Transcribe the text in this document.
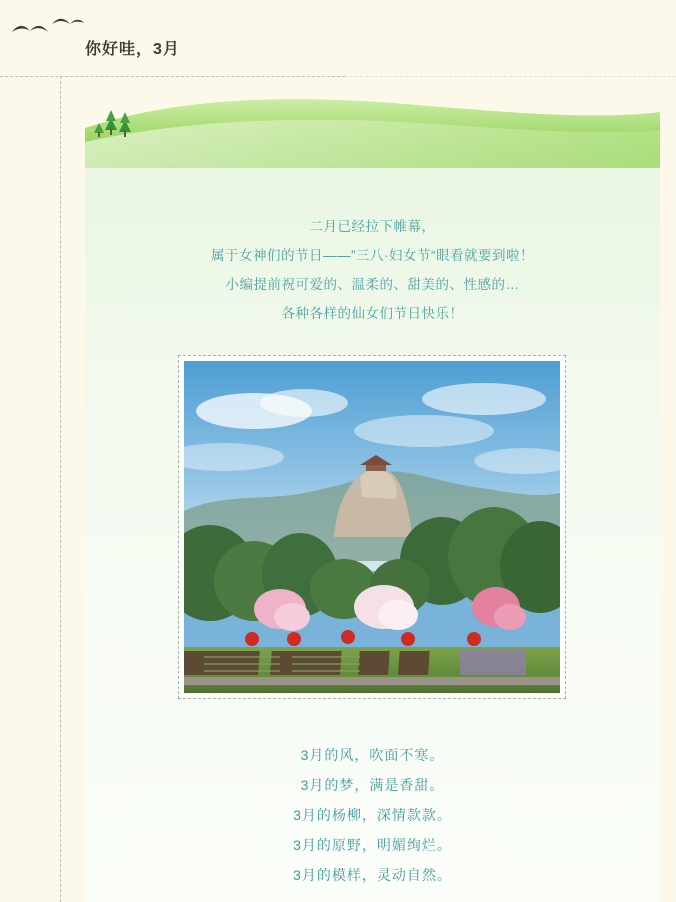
你好哇，3月
二月已经拉下帷幕，
属于女神们的节日——”三八·妇女节“眼看就要到啦！
小编提前祝可爱的、温柔的、甜美的、性感的…
各种各样的仙女们节日快乐！
3月的风，吹面不寒。
3月的梦，满是香甜。
3月的杨柳，深情款款。
3月的原野，明媚绚烂。
3月的模样，灵动自然。
